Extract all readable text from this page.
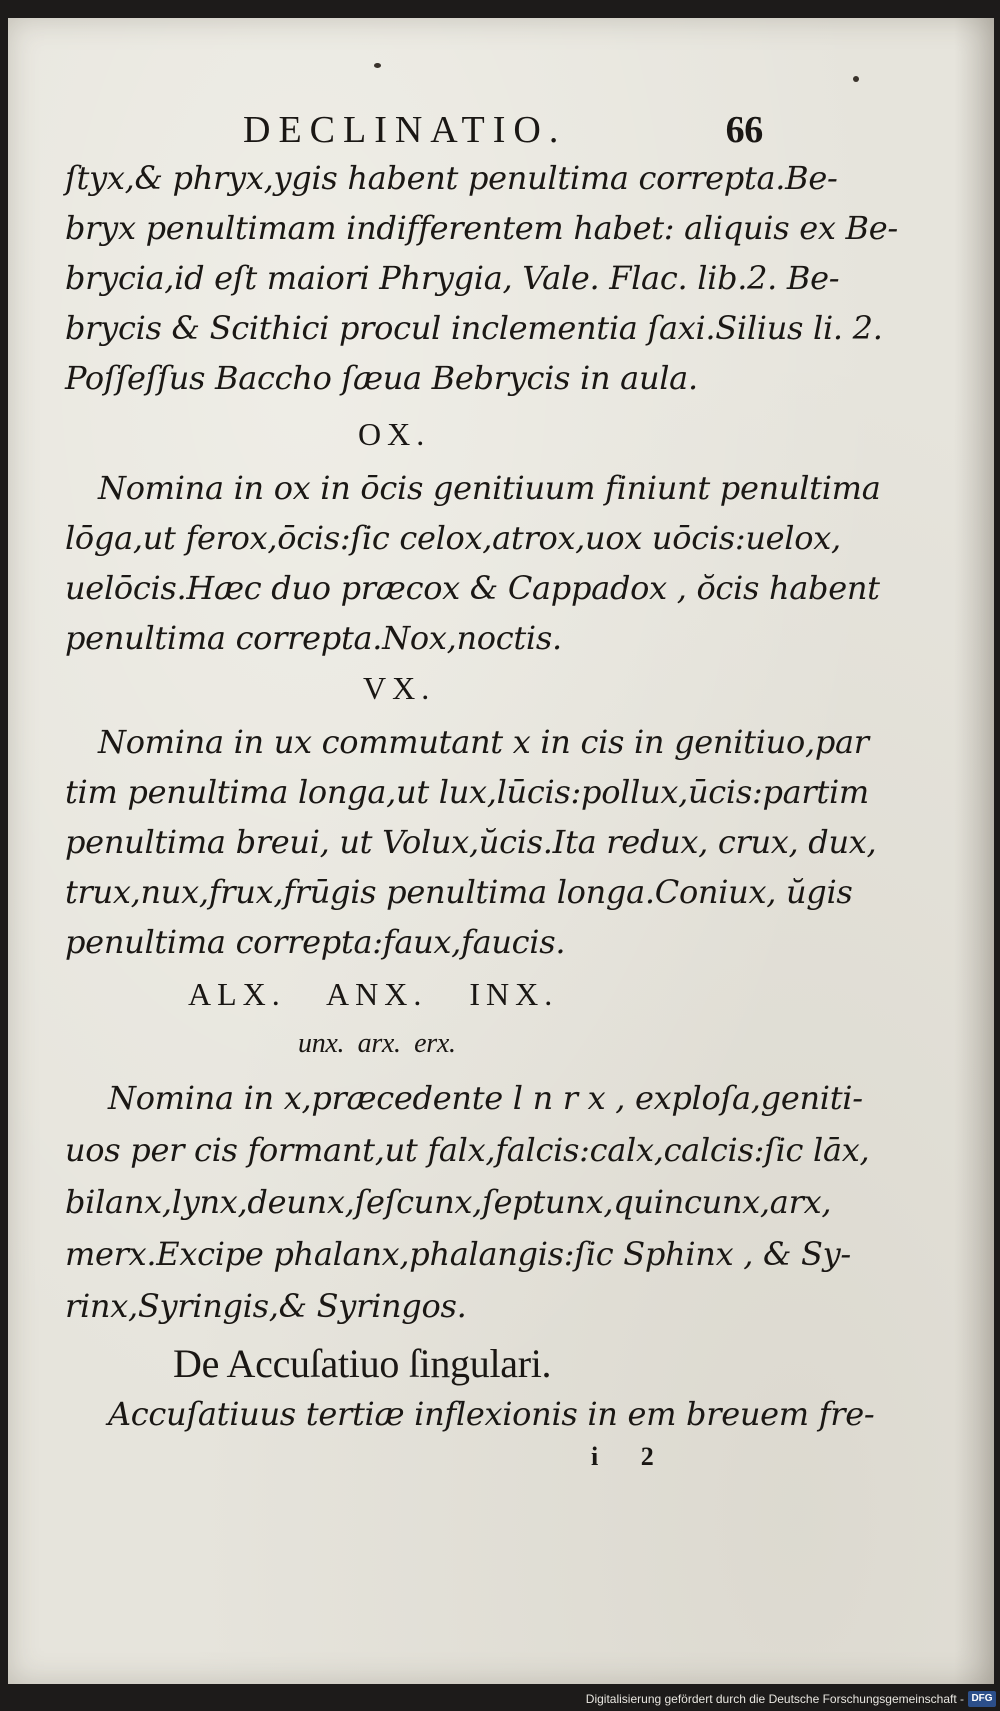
DECLINATIO.	66
ſtyx,& phryx,ygis habent penultima correpta.Be-
bryx penultimam indifferentem habet: aliquis ex Be-
brycia,id eſt maiori Phrygia, Vale. Flac. lib.2. Be-
brycis & Scithici procul inclementia ſaxi.Silius li. 2.
Poſſeſſus Baccho ſæua Bebrycis in aula.
OX.
Nomina in ox in ōcis genitiuum finiunt penultima
lōga,ut ferox,ōcis:ſic celox,atrox,uox uōcis:uelox,
uelōcis.Hæc duo præcox & Cappadox , ŏcis habent
penultima correpta.Nox,noctis.
VX.
Nomina in ux commutant x in cis in genitiuo,par
tim penultima longa,ut lux,lūcis:pollux,ūcis:partim
penultima breui, ut Volux,ŭcis.Ita redux, crux, dux,
trux,nux,frux,frūgis penultima longa.Coniux, ŭgis
penultima correpta:faux,faucis.
ALX.   ANX.   INX.
unx.  arx.  erx.
Nomina in x,præcedente l n r x , exploſa,geniti-
uos per cis formant,ut falx,falcis:calx,calcis:ſic lāx,
bilanx,lynx,deunx,ſeſcunx,ſeptunx,quincunx,arx,
merx.Excipe phalanx,phalangis:ſic Sphinx , & Sy-
rinx,Syringis,& Syringos.
De Accuſatiuo ſingulari.
Accuſatiuus tertiæ inflexionis in em breuem fre-
i 2
Digitalisierung gefördert durch die Deutsche Forschungsgemeinschaft - DFG
